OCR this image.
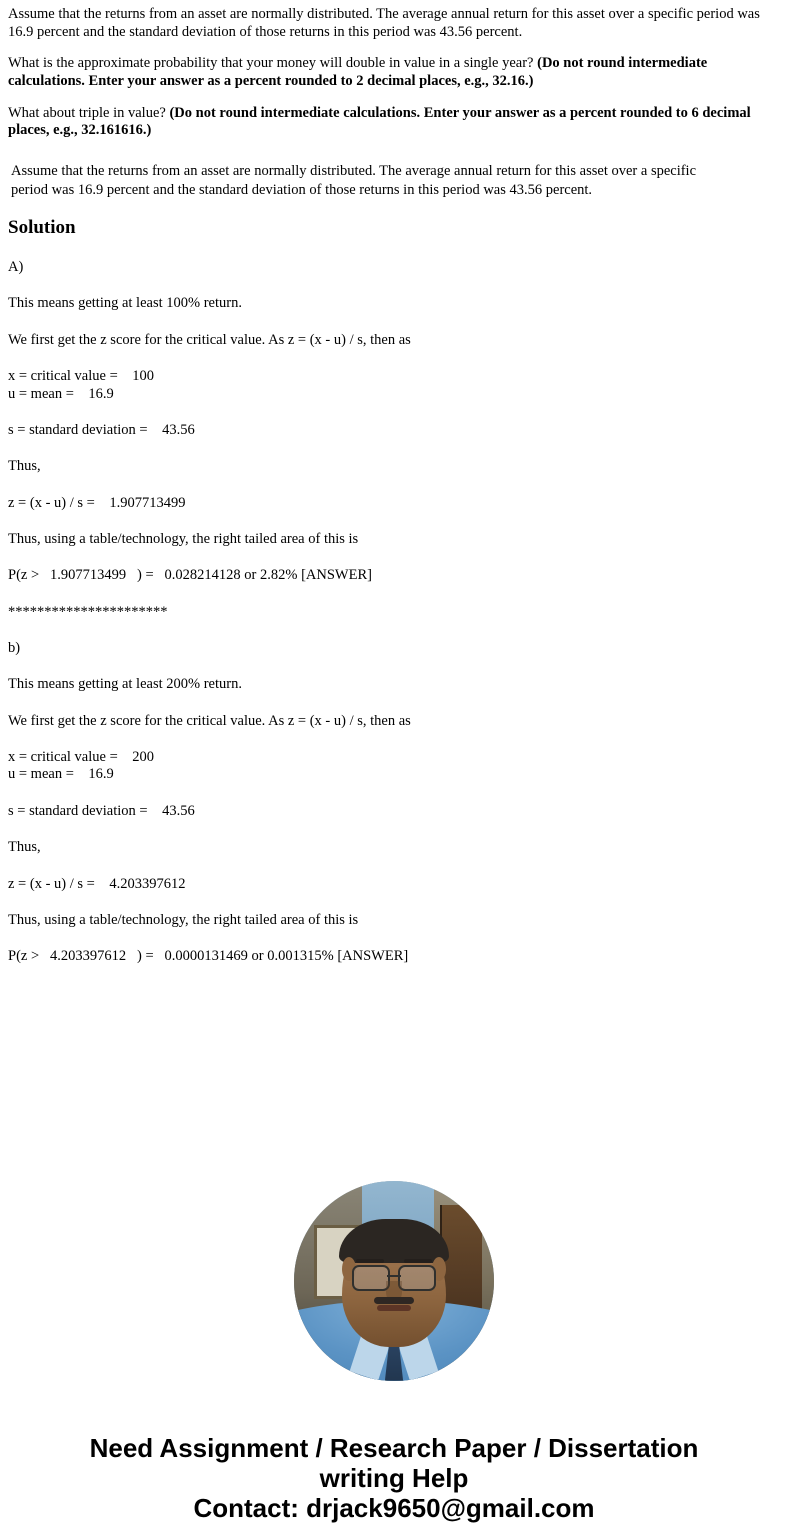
Assume that the returns from an asset are normally distributed. The average annual return for this asset over a specific period was 16.9 percent and the standard deviation of those returns in this period was 43.56 percent.

What is the approximate probability that your money will double in value in a single year? (Do not round intermediate calculations. Enter your answer as a percent rounded to 2 decimal places, e.g., 32.16.)

What about triple in value? (Do not round intermediate calculations. Enter your answer as a percent rounded to 6 decimal places, e.g., 32.161616.)

Assume that the returns from an asset are normally distributed. The average annual return for this asset over a specific
period was 16.9 percent and the standard deviation of those returns in this period was 43.56 percent.
Solution
A)
This means getting at least 100% return.
We first get the z score for the critical value. As z = (x - u) / s, then as
x = critical value = 100
u = mean = 16.9
s = standard deviation = 43.56
Thus,
z = (x - u) / s = 1.907713499
Thus, using a table/technology, the right tailed area of this is
P(z > 1.907713499 ) = 0.028214128 or 2.82% [ANSWER]
**********************
b)
This means getting at least 200% return.
We first get the z score for the critical value. As z = (x - u) / s, then as
x = critical value = 200
u = mean = 16.9
s = standard deviation = 43.56
Thus,
z = (x - u) / s = 4.203397612
Thus, using a table/technology, the right tailed area of this is
P(z > 4.203397612 ) = 0.0000131469 or 0.001315% [ANSWER]
Need Assignment / Research Paper / Dissertation
writing Help
Contact: drjack9650@gmail.com
